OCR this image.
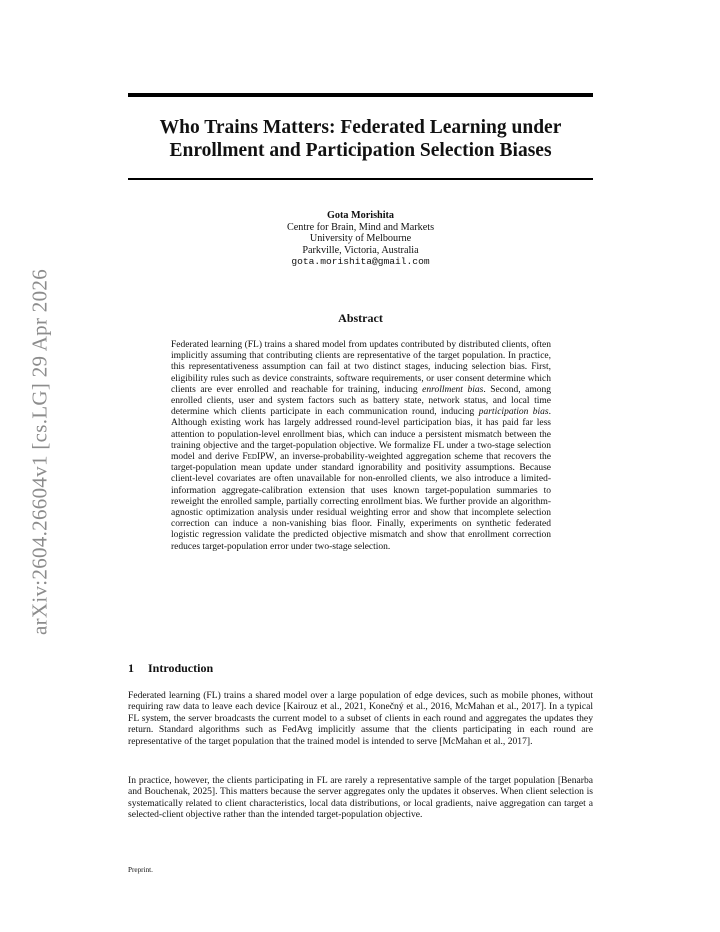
arXiv:2604.26604v1 [cs.LG] 29 Apr 2026
Who Trains Matters: Federated Learning under
Enrollment and Participation Selection Biases
Gota Morishita
Centre for Brain, Mind and Markets
University of Melbourne
Parkville, Victoria, Australia
gota.morishita@gmail.com
Abstract
Federated learning (FL) trains a shared model from updates contributed by distributed clients, often implicitly assuming that contributing clients are representative of the target population. In practice, this representativeness assumption can fail at two distinct stages, inducing selection bias. First, eligibility rules such as device constraints, software requirements, or user consent determine which clients are ever enrolled and reachable for training, inducing enrollment bias. Second, among enrolled clients, user and system factors such as battery state, network status, and local time determine which clients participate in each communication round, inducing participation bias. Although existing work has largely addressed round-level participation bias, it has paid far less attention to population-level enrollment bias, which can induce a persistent mismatch between the training objective and the target-population objective. We formalize FL under a two-stage selection model and derive FedIPW, an inverse-probability-weighted aggregation scheme that recovers the target-population mean update under standard ignorability and positivity assumptions. Because client-level covariates are often unavailable for non-enrolled clients, we also introduce a limited-information aggregate-calibration extension that uses known target-population summaries to reweight the enrolled sample, partially correcting enrollment bias. We further provide an algorithm-agnostic optimization analysis under residual weighting error and show that incomplete selection correction can induce a non-vanishing bias floor. Finally, experiments on synthetic federated logistic regression validate the predicted objective mismatch and show that enrollment correction reduces target-population error under two-stage selection.
1 Introduction

Federated learning (FL) trains a shared model over a large population of edge devices, such as mobile phones, without requiring raw data to leave each device [Kairouz et al., 2021, Konečný et al., 2016, McMahan et al., 2017]. In a typical FL system, the server broadcasts the current model to a subset of clients in each round and aggregates the updates they return. Standard algorithms such as FedAvg implicitly assume that the clients participating in each round are representative of the target population that the trained model is intended to serve [McMahan et al., 2017].

In practice, however, the clients participating in FL are rarely a representative sample of the target population [Benarba and Bouchenak, 2025]. This matters because the server aggregates only the updates it observes. When client selection is systematically related to client characteristics, local data distributions, or local gradients, naive aggregation can target a selected-client objective rather than the intended target-population objective.

Preprint.
